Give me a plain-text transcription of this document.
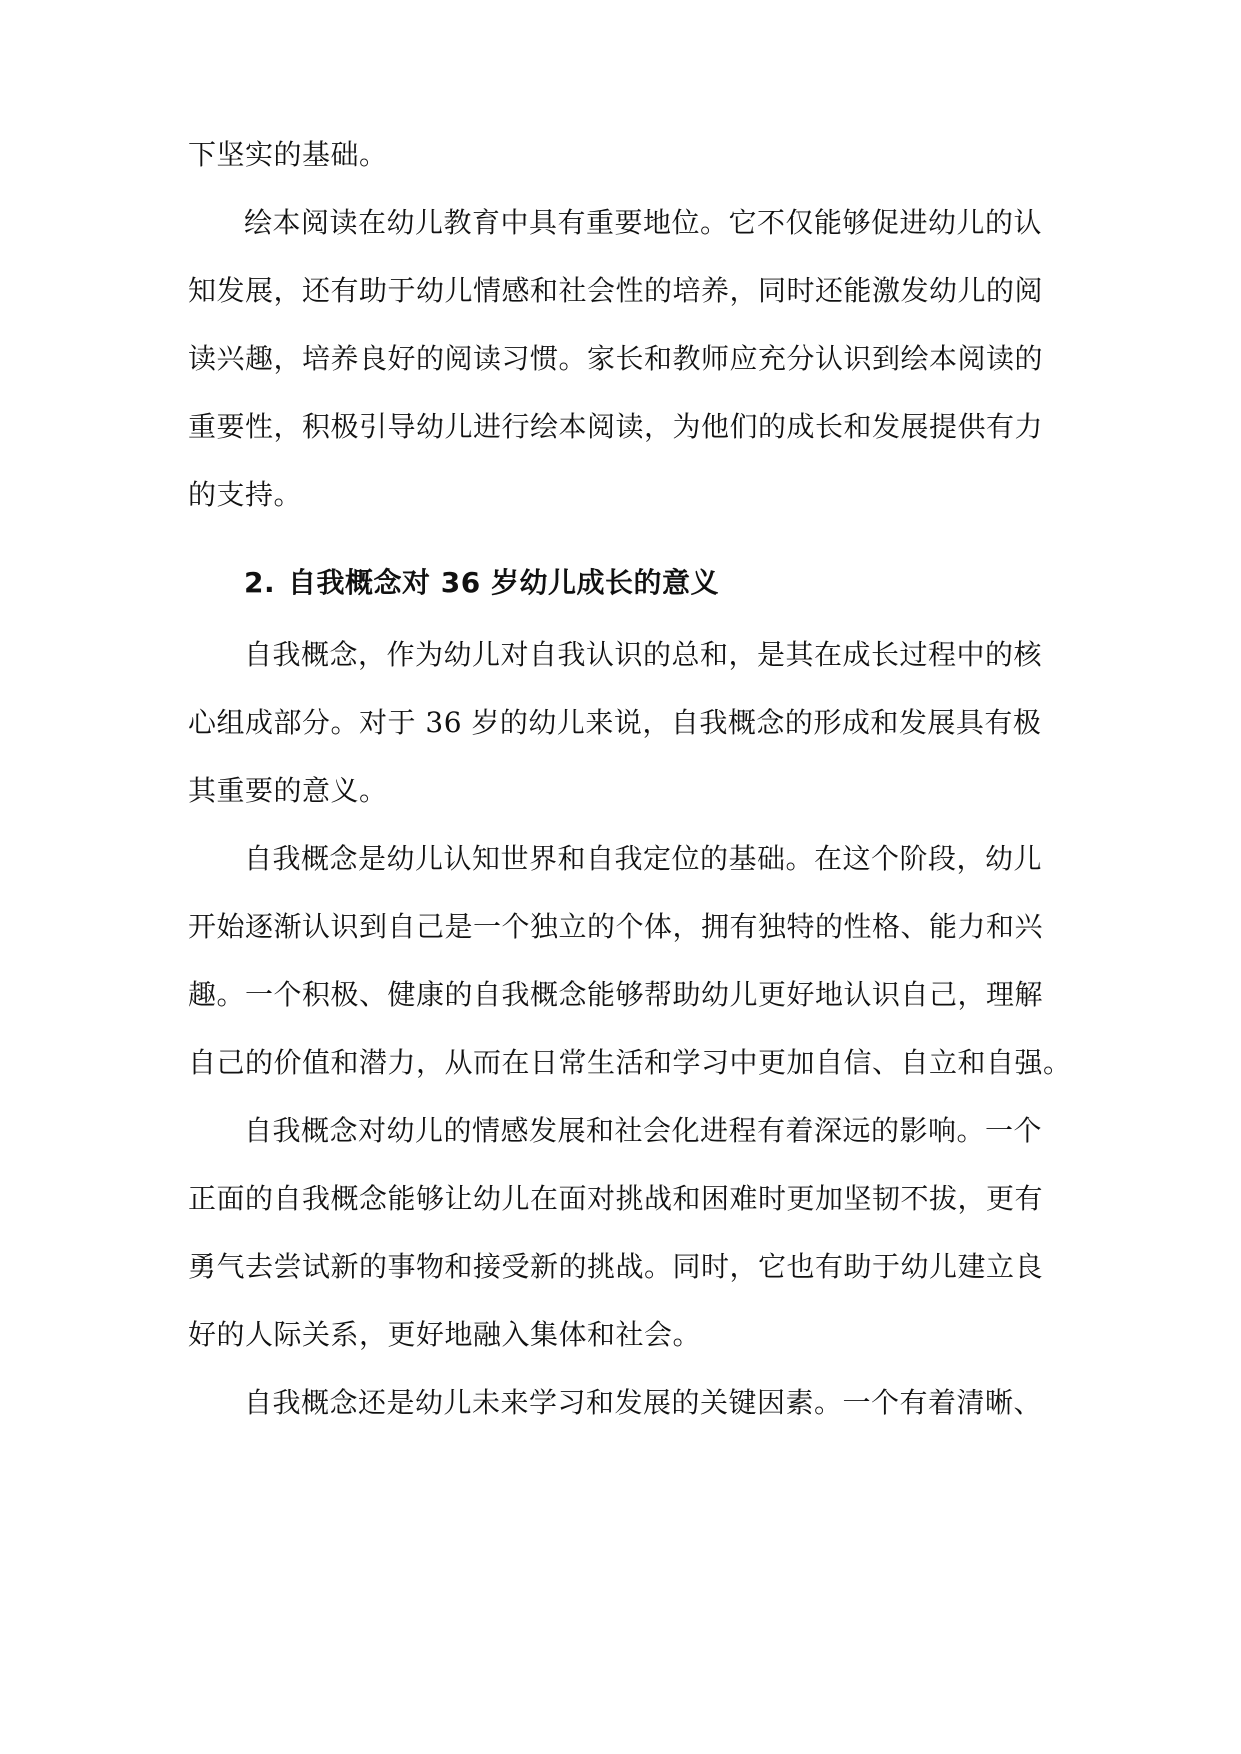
下坚实的基础。
绘本阅读在幼儿教育中具有重要地位。它不仅能够促进幼儿的认
知发展，还有助于幼儿情感和社会性的培养，同时还能激发幼儿的阅
读兴趣，培养良好的阅读习惯。家长和教师应充分认识到绘本阅读的
重要性，积极引导幼儿进行绘本阅读，为他们的成长和发展提供有力
的支持。
2. 自我概念对 36 岁幼儿成长的意义
自我概念，作为幼儿对自我认识的总和，是其在成长过程中的核
心组成部分。对于 36 岁的幼儿来说，自我概念的形成和发展具有极
其重要的意义。
自我概念是幼儿认知世界和自我定位的基础。在这个阶段，幼儿
开始逐渐认识到自己是一个独立的个体，拥有独特的性格、能力和兴
趣。一个积极、健康的自我概念能够帮助幼儿更好地认识自己，理解
自己的价值和潜力，从而在日常生活和学习中更加自信、自立和自强。
自我概念对幼儿的情感发展和社会化进程有着深远的影响。一个
正面的自我概念能够让幼儿在面对挑战和困难时更加坚韧不拔，更有
勇气去尝试新的事物和接受新的挑战。同时，它也有助于幼儿建立良
好的人际关系，更好地融入集体和社会。
自我概念还是幼儿未来学习和发展的关键因素。一个有着清晰、
